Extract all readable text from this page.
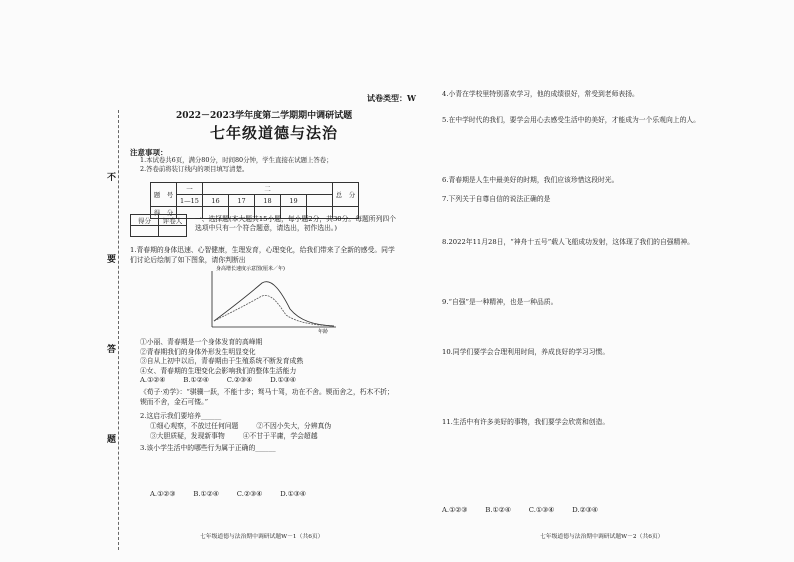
不
要
答
题
试卷类型：W
2022－2023学年度第二学期期中调研试题
七年级道德与法治
注意事项：
1.本试卷共6页，满分80分，时间80分钟，学生直接在试题上答卷；
2.答卷前将装订线内的项目填写清楚。
题　号	一	二					总　分
	1—15	16	17	18	19		
得　分							
得分	评卷人
	一、选择题(本大题共15小题，每小题2分，共30分。每题所列四个选项中只有一个符合题意，请选出，初作选出。)
1.青春期的身体迅速、心智健康，生理发育，心理变化，给我们带来了全新的感受。同学们讨论后绘制了如下图象，请你判断出
身高增长速度示意图(厘米／年)
年龄
①小丽、青春期是一个身体发育的高峰期
②青春期我们的身体外形发生明显变化
③自从上初中以后，青春期由于生殖系统不断发育成熟
④女、青春期的生理变化会影响我们的整体生活能力
A.①②④	B.①②④	C.②③④	D.①③④
《荀子·劝学》：“骐骥一跃，不能十步；驽马十驾，功在不舍。锲而舍之，朽木不折；锲而不舍，金石可镂。”
2.这启示我们要培养______
①细心观察，不放过任何问题	②不因小失大，分辨真伪
③大胆质疑，发现新事物	④不甘于平庸，学会超越
3.该小学生活中的哪些行为属于正确的______
A.①②③	B.①②④	C.②③④	D.①③④
七年级道德与法治期中调研试题W－1（共6页）
4.小青在学校里特别喜欢学习，他的成绩很好，常受到老师表扬。
5.在中学时代的我们，要学会用心去感受生活中的美好，才能成为一个乐观向上的人。
6.青春期是人生中最美好的时期，我们应该珍惜这段时光。
7.下列关于自尊自信的说法正确的是
8.2022年11月28日，“神舟十五号”载人飞船成功发射，这体现了我们的自强精神。
9.“自强”是一种精神，也是一种品质。
10.同学们要学会合理利用时间，养成良好的学习习惯。
11.生活中有许多美好的事物，我们要学会欣赏和创造。
A.①②③	B.①②④	C.①③④	D.②③④
七年级道德与法治期中调研试题W－2（共6页）
